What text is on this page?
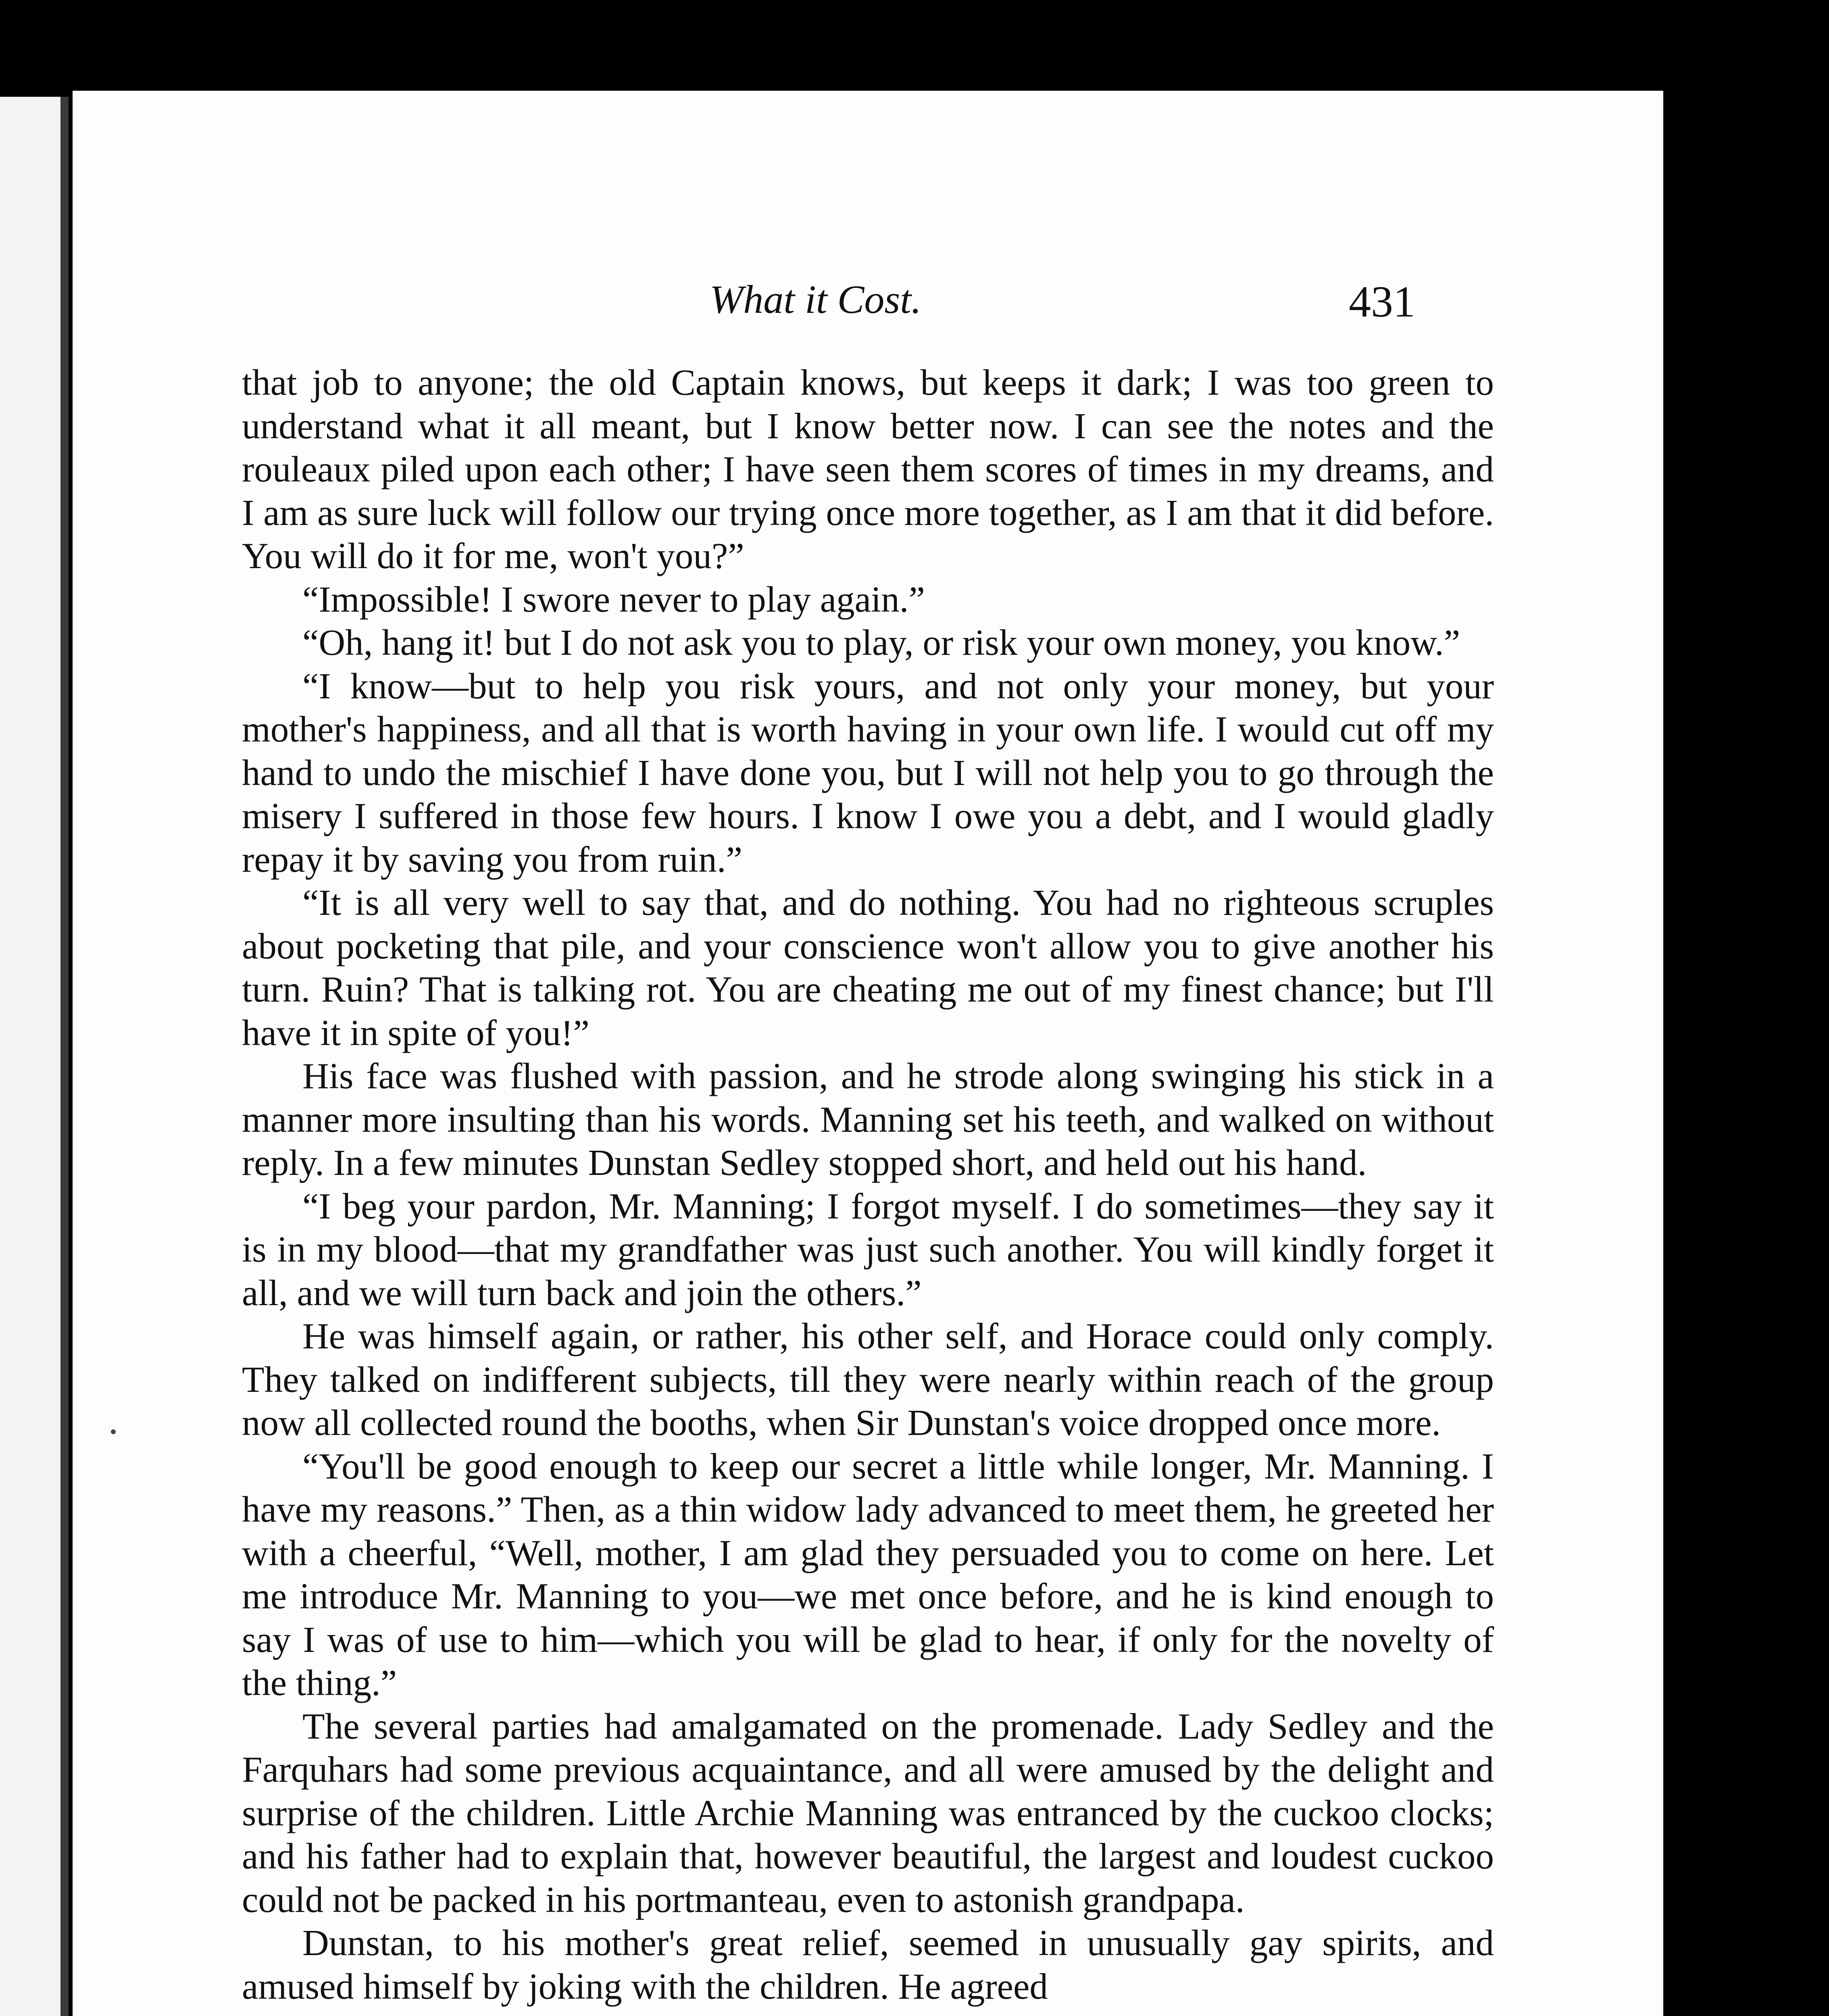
What it Cost.	431

that job to anyone; the old Captain knows, but keeps it dark; I was too green to understand what it all meant, but I know better now. I can see the notes and the rouleaux piled upon each other; I have seen them scores of times in my dreams, and I am as sure luck will follow our trying once more together, as I am that it did before. You will do it for me, won't you?”

“Impossible! I swore never to play again.”

“Oh, hang it! but I do not ask you to play, or risk your own money, you know.”

“I know—but to help you risk yours, and not only your money, but your mother's happiness, and all that is worth having in your own life. I would cut off my hand to undo the mischief I have done you, but I will not help you to go through the misery I suffered in those few hours. I know I owe you a debt, and I would gladly repay it by saving you from ruin.”

“It is all very well to say that, and do nothing. You had no righteous scruples about pocketing that pile, and your conscience won't allow you to give another his turn. Ruin? That is talking rot. You are cheating me out of my finest chance; but I'll have it in spite of you!”

His face was flushed with passion, and he strode along swinging his stick in a manner more insulting than his words. Manning set his teeth, and walked on without reply. In a few minutes Dunstan Sedley stopped short, and held out his hand.

“I beg your pardon, Mr. Manning; I forgot myself. I do sometimes—they say it is in my blood—that my grandfather was just such another. You will kindly forget it all, and we will turn back and join the others.”

He was himself again, or rather, his other self, and Horace could only comply. They talked on indifferent subjects, till they were nearly within reach of the group now all collected round the booths, when Sir Dunstan's voice dropped once more.

“You'll be good enough to keep our secret a little while longer, Mr. Manning. I have my reasons.” Then, as a thin widow lady advanced to meet them, he greeted her with a cheerful, “Well, mother, I am glad they persuaded you to come on here. Let me introduce Mr. Manning to you—we met once before, and he is kind enough to say I was of use to him—which you will be glad to hear, if only for the novelty of the thing.”

The several parties had amalgamated on the promenade. Lady Sedley and the Farquhars had some previous acquaintance, and all were amused by the delight and surprise of the children. Little Archie Manning was entranced by the cuckoo clocks; and his father had to explain that, however beautiful, the largest and loudest cuckoo could not be packed in his portmanteau, even to astonish grandpapa.

Dunstan, to his mother's great relief, seemed in unusually gay spirits, and amused himself by joking with the children. He agreed
